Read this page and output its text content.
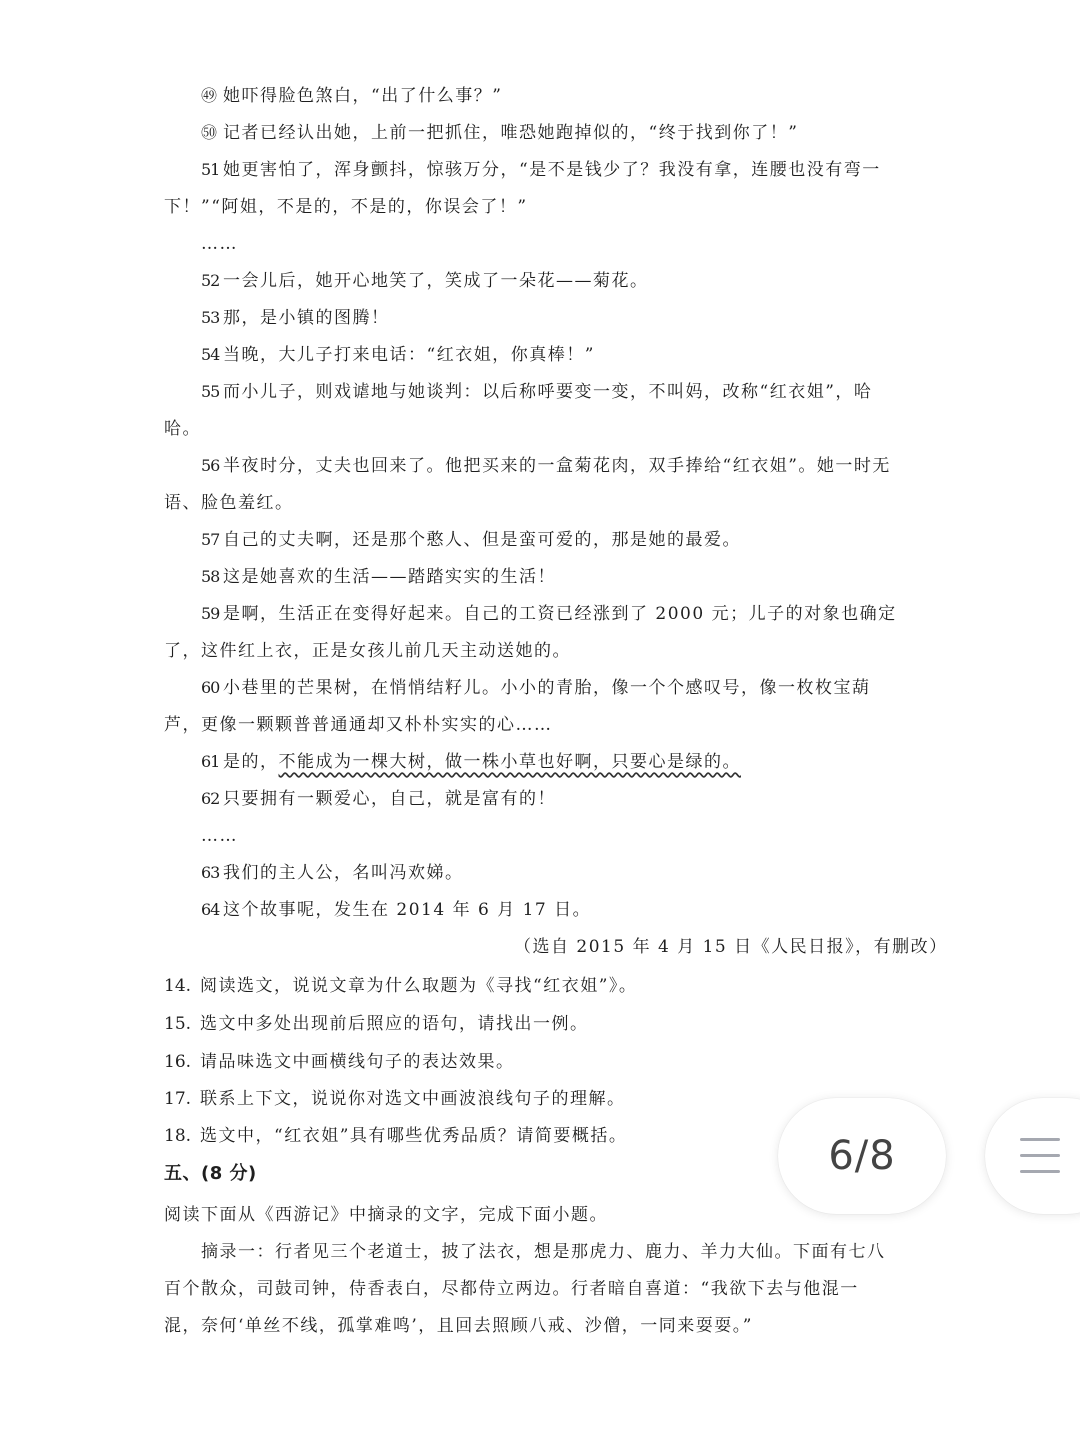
㊾ 她吓得脸色煞白，“出了什么事？”
㊿ 记者已经认出她，上前一把抓住，唯恐她跑掉似的，“终于找到你了！”
51 她更害怕了，浑身颤抖，惊骇万分，“是不是钱少了？我没有拿，连腰也没有弯一
下！”“阿姐，不是的，不是的，你误会了！”
……
52 一会儿后，她开心地笑了，笑成了一朵花——菊花。
53 那，是小镇的图腾！
54 当晚，大儿子打来电话：“红衣姐，你真棒！”
55 而小儿子，则戏谑地与她谈判：以后称呼要变一变，不叫妈，改称“红衣姐”，哈
哈。
56 半夜时分，丈夫也回来了。他把买来的一盒菊花肉，双手捧给“红衣姐”。她一时无
语、脸色羞红。
57 自己的丈夫啊，还是那个憨人、但是蛮可爱的，那是她的最爱。
58 这是她喜欢的生活——踏踏实实的生活！
59 是啊，生活正在变得好起来。自己的工资已经涨到了 2000 元；儿子的对象也确定
了，这件红上衣，正是女孩儿前几天主动送她的。
60 小巷里的芒果树，在悄悄结籽儿。小小的青胎，像一个个感叹号，像一枚枚宝葫
芦，更像一颗颗普普通通却又朴朴实实的心……
61 是的，不能成为一棵大树，做一株小草也好啊，只要心是绿的。
62 只要拥有一颗爱心，自己，就是富有的！
……
63 我们的主人公，名叫冯欢娣。
64 这个故事呢，发生在 2014 年 6 月 17 日。
（选自 2015 年 4 月 15 日《人民日报》，有删改）
14. 阅读选文，说说文章为什么取题为《寻找“红衣姐”》。
15. 选文中多处出现前后照应的语句，请找出一例。
16. 请品味选文中画横线句子的表达效果。
17. 联系上下文，说说你对选文中画波浪线句子的理解。
18. 选文中，“红衣姐”具有哪些优秀品质？请简要概括。
五、(8 分)
阅读下面从《西游记》中摘录的文字，完成下面小题。
摘录一：行者见三个老道士，披了法衣，想是那虎力、鹿力、羊力大仙。下面有七八
百个散众，司鼓司钟，侍香表白，尽都侍立两边。行者暗自喜道：“我欲下去与他混一
混，奈何‘单丝不线，孤掌难鸣’，且回去照顾八戒、沙僧，一同来耍耍。”
6/8
